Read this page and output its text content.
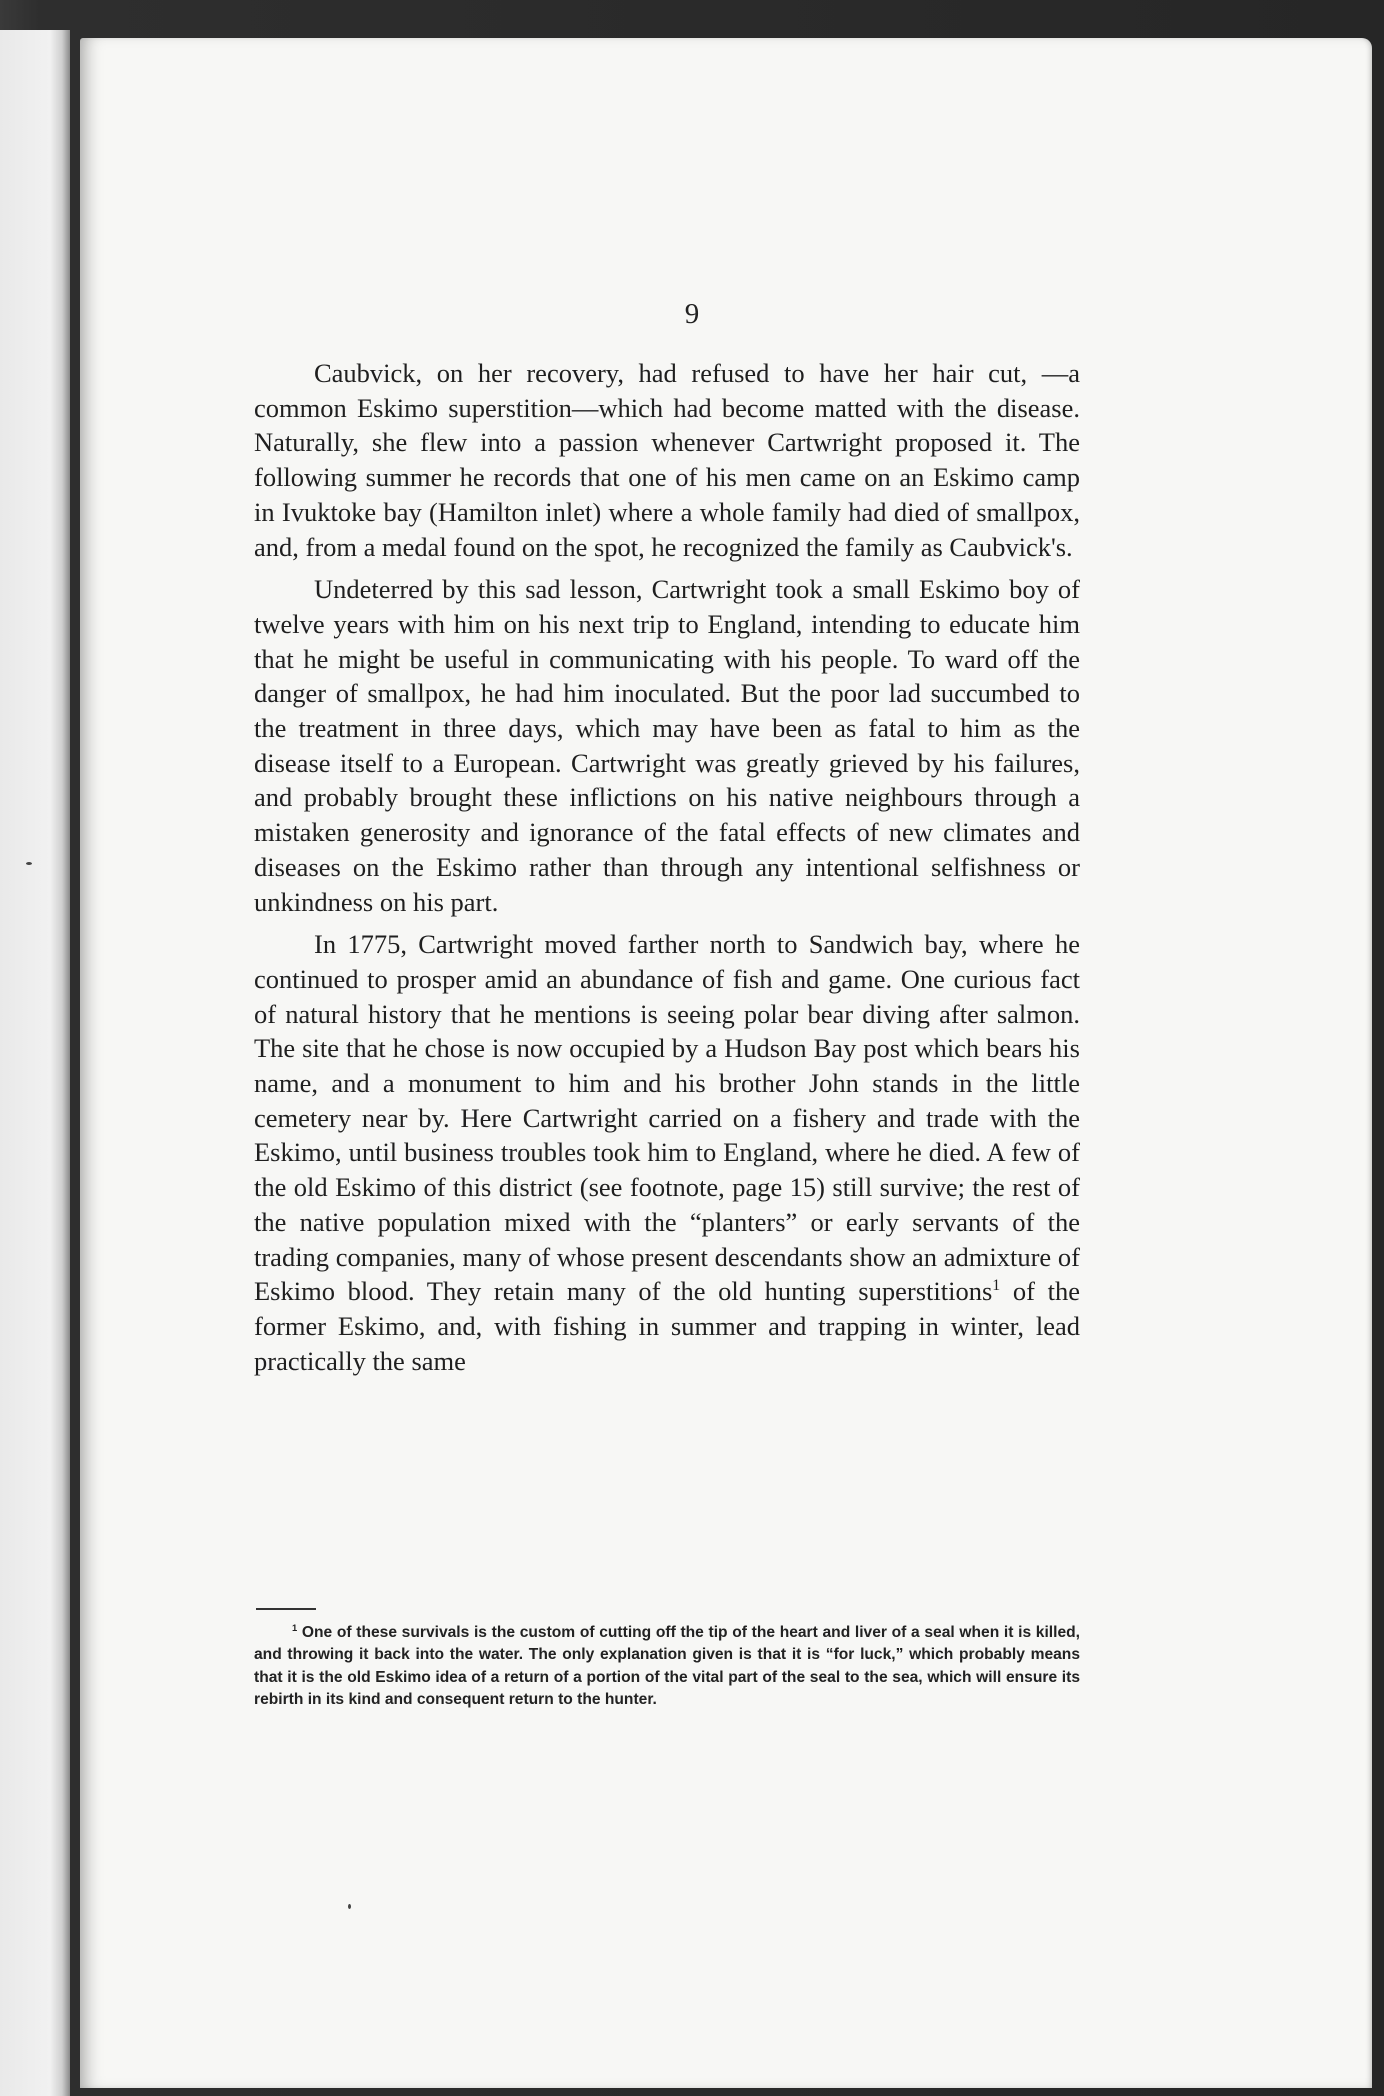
9

Caubvick, on her recovery, had refused to have her hair cut, —a common Eskimo superstition—which had become matted with the disease. Naturally, she flew into a passion whenever Cartwright proposed it. The following summer he records that one of his men came on an Eskimo camp in Ivuktoke bay (Hamilton inlet) where a whole family had died of smallpox, and, from a medal found on the spot, he recognized the family as Caubvick's.

Undeterred by this sad lesson, Cartwright took a small Eskimo boy of twelve years with him on his next trip to England, intending to educate him that he might be useful in communicating with his people. To ward off the danger of smallpox, he had him inoculated. But the poor lad succumbed to the treatment in three days, which may have been as fatal to him as the disease itself to a European. Cartwright was greatly grieved by his failures, and probably brought these inflictions on his native neighbours through a mistaken generosity and ignorance of the fatal effects of new climates and diseases on the Eskimo rather than through any intentional selfishness or unkindness on his part.

In 1775, Cartwright moved farther north to Sandwich bay, where he continued to prosper amid an abundance of fish and game. One curious fact of natural history that he mentions is seeing polar bear diving after salmon. The site that he chose is now occupied by a Hudson Bay post which bears his name, and a monument to him and his brother John stands in the little cemetery near by. Here Cartwright carried on a fishery and trade with the Eskimo, until business troubles took him to England, where he died. A few of the old Eskimo of this district (see footnote, page 15) still survive; the rest of the native population mixed with the “planters” or early servants of the trading companies, many of whose present descendants show an admixture of Eskimo blood. They retain many of the old hunting superstitions$^1$ of the former Eskimo, and, with fishing in summer and trapping in winter, lead practically the same

$^1$ One of these survivals is the custom of cutting off the tip of the heart and liver of a seal when it is killed, and throwing it back into the water. The only explanation given is that it is “for luck,” which probably means that it is the old Eskimo idea of a return of a portion of the vital part of the seal to the sea, which will ensure its rebirth in its kind and consequent return to the hunter.
